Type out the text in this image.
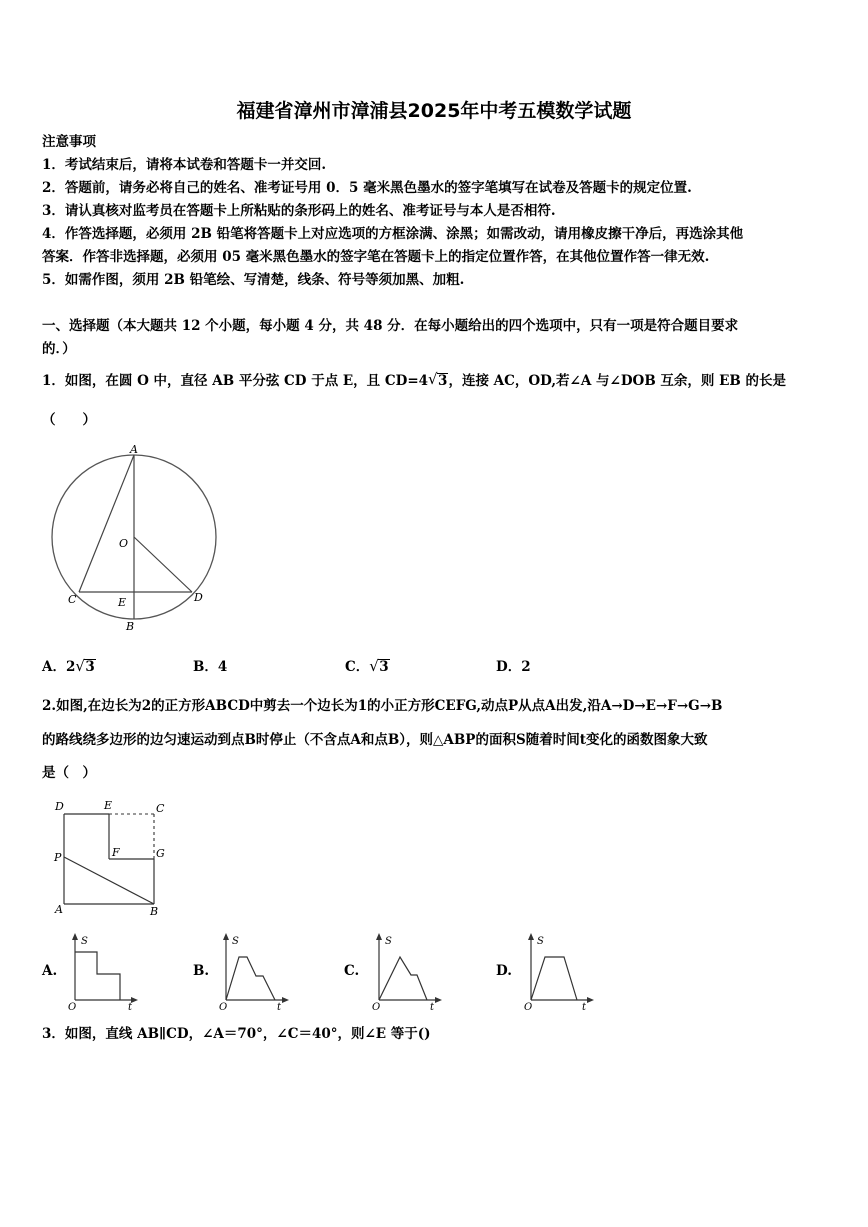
福建省漳州市漳浦县2025年中考五模数学试题
注意事项
1．考试结束后，请将本试卷和答题卡一并交回.
2．答题前，请务必将自己的姓名、准考证号用 0．5 毫米黑色墨水的签字笔填写在试卷及答题卡的规定位置.
3．请认真核对监考员在答题卡上所粘贴的条形码上的姓名、准考证号与本人是否相符.
4．作答选择题，必须用 2B 铅笔将答题卡上对应选项的方框涂满、涂黑；如需改动，请用橡皮擦干净后，再选涂其他
答案．作答非选择题，必须用 05 毫米黑色墨水的签字笔在答题卡上的指定位置作答，在其他位置作答一律无效.
5．如需作图，须用 2B 铅笔绘、写清楚，线条、符号等须加黑、加粗.
一、选择题（本大题共 12 个小题，每小题 4 分，共 48 分．在每小题给出的四个选项中，只有一项是符合题目要求
的．）
1．如图，在圆 O 中，直径 AB 平分弦 CD 于点 E，且 CD=4 √ 3，连接 AC，OD,若∠A 与∠DOB 互余，则 EB 的长是
（　　）
A
O
C	E	D
B
A．2 √ 3	B．4	C． √ 3	D．2
2.如图,在边长为2的正方形ABCD中剪去一个边长为1的小正方形CEFG,动点P从点A出发,沿A→D→E→F→G→B
的路线绕多边形的边匀速运动到点B时停止（不含点A和点B），则△ABP的面积S随着时间t变化的函数图象大致
是（　）
D	E	C
F	G
P
A	B
A.
S
O	t
B.
S
O	t
C.
S
O	t
D.
S
O	t
3．如图，直线 AB∥CD，∠A＝70°，∠C＝40°，则∠E 等于()
